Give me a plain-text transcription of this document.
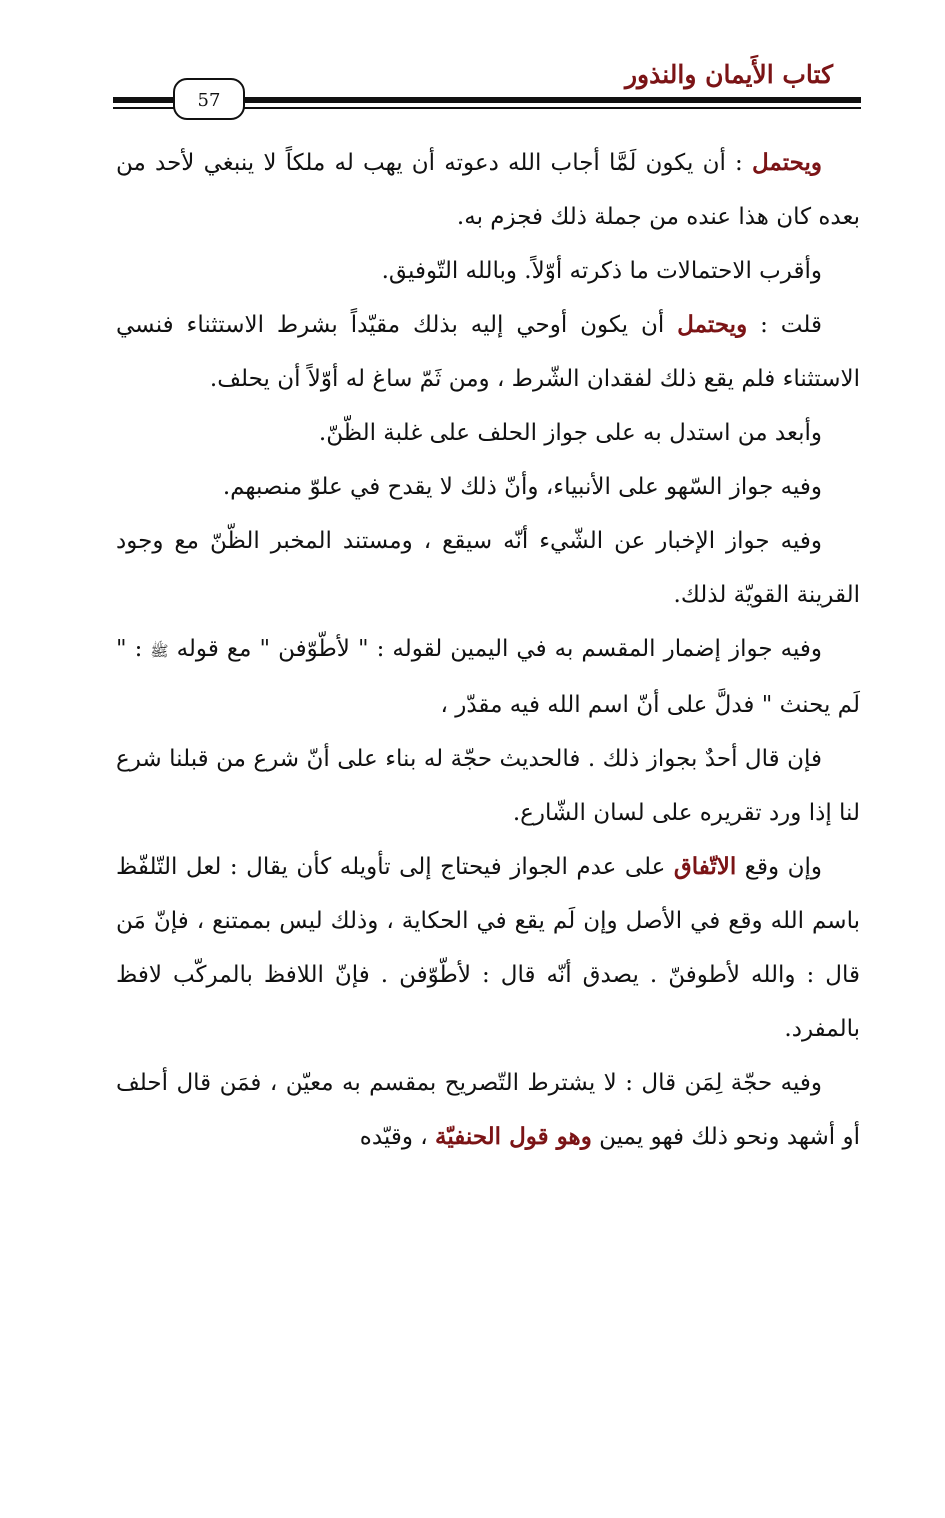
كتاب الأَيمان والنذور
57

ويحتمل : أن يكون لَمَّا أجاب الله دعوته أن يهب له ملكاً لا ينبغي لأحد من بعده كان هذا عنده من جملة ذلك فجزم به.

وأقرب الاحتمالات ما ذكرته أوّلاً. وبالله التّوفيق.

قلت : ويحتمل أن يكون أوحي إليه بذلك مقيّداً بشرط الاستثناء فنسي الاستثناء فلم يقع ذلك لفقدان الشّرط ، ومن ثَمّ ساغ له أوّلاً أن يحلف.

وأبعد من استدل به على جواز الحلف على غلبة الظّنّ.

وفيه جواز السّهو على الأنبياء، وأنّ ذلك لا يقدح في علوّ منصبهم.

وفيه جواز الإخبار عن الشّيء أنّه سيقع ، ومستند المخبر الظّنّ مع وجود القرينة القويّة لذلك.

وفيه جواز إضمار المقسم به في اليمين لقوله : " لأطّوّفن " مع قوله ﷺ : " لَم يحنث " فدلَّ على أنّ اسم الله فيه مقدّر ،

فإن قال أحدٌ بجواز ذلك . فالحديث حجّة له بناء على أنّ شرع من قبلنا شرع لنا إذا ورد تقريره على لسان الشّارع.

وإن وقع الاتّفاق على عدم الجواز فيحتاج إلى تأويله كأن يقال : لعل التّلفّظ باسم الله وقع في الأصل وإن لَم يقع في الحكاية ، وذلك ليس بممتنع ، فإنّ مَن قال : والله لأطوفنّ . يصدق أنّه قال : لأطّوّفن . فإنّ اللافظ بالمركّب لافظ بالمفرد.

وفيه حجّة لِمَن قال : لا يشترط التّصريح بمقسم به معيّن ، فمَن قال أحلف أو أشهد ونحو ذلك فهو يمين وهو قول الحنفيّة ، وقيّده
